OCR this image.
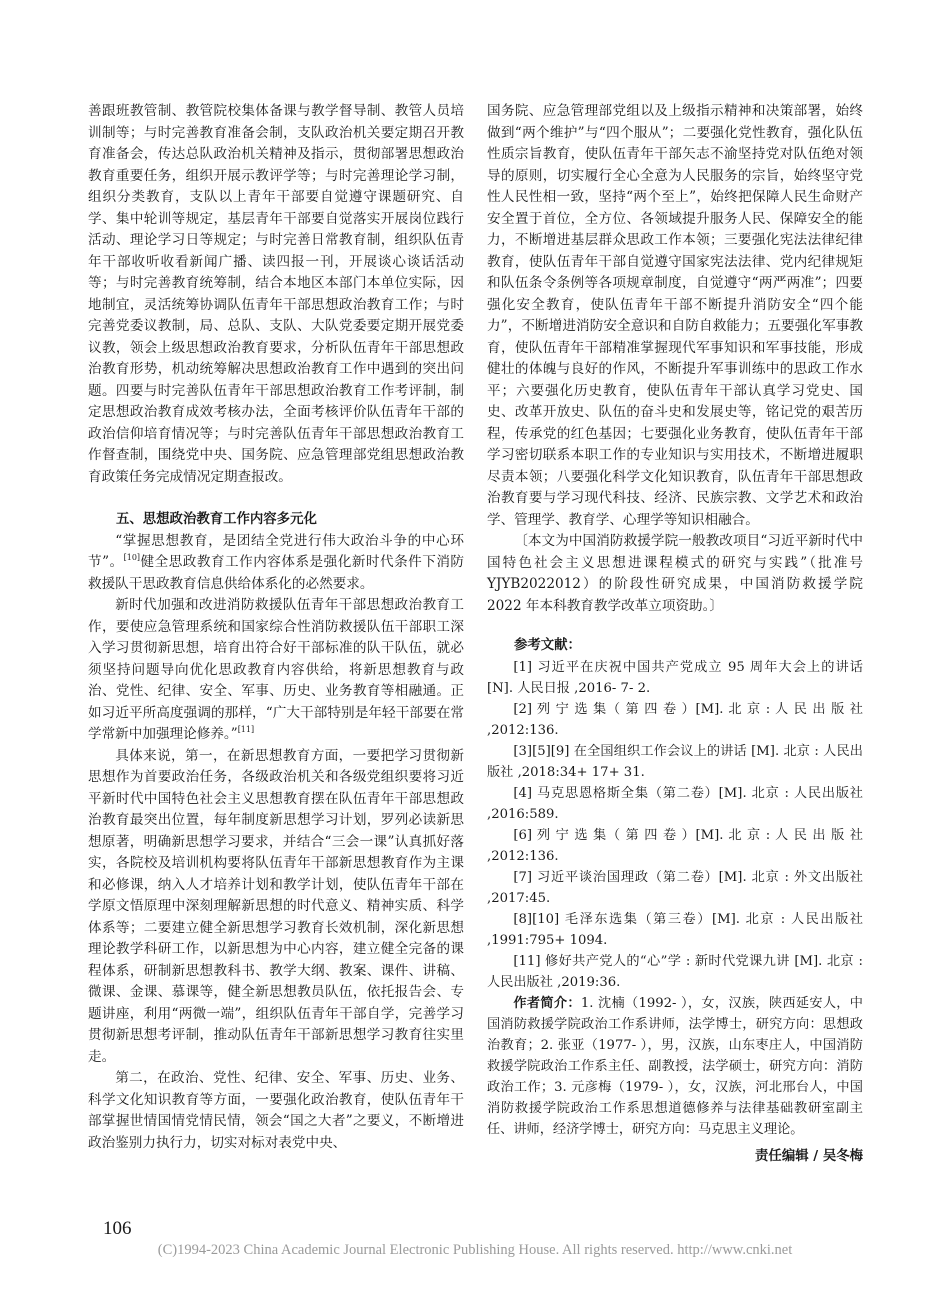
善跟班教管制、教管院校集体备课与教学督导制、教管人员培训制等；与时完善教育准备会制，支队政治机关要定期召开教育准备会，传达总队政治机关精神及指示，贯彻部署思想政治教育重要任务，组织开展示教评学等；与时完善理论学习制，组织分类教育，支队以上青年干部要自觉遵守课题研究、自学、集中轮训等规定，基层青年干部要自觉落实开展岗位践行活动、理论学习日等规定；与时完善日常教育制，组织队伍青年干部收听收看新闻广播、读四报一刊，开展谈心谈话活动等；与时完善教育统筹制，结合本地区本部门本单位实际，因地制宜，灵活统筹协调队伍青年干部思想政治教育工作；与时完善党委议教制，局、总队、支队、大队党委要定期开展党委议教，领会上级思想政治教育要求，分析队伍青年干部思想政治教育形势，机动统筹解决思想政治教育工作中遇到的突出问题。四要与时完善队伍青年干部思想政治教育工作考评制，制定思想政治教育成效考核办法，全面考核评价队伍青年干部的政治信仰培育情况等；与时完善队伍青年干部思想政治教育工作督查制，围绕党中央、国务院、应急管理部党组思想政治教育政策任务完成情况定期查报改。

五、思想政治教育工作内容多元化

“掌握思想教育，是团结全党进行伟大政治斗争的中心环节”。[10]健全思政教育工作内容体系是强化新时代条件下消防救援队干思政教育信息供给体系化的必然要求。

新时代加强和改进消防救援队伍青年干部思想政治教育工作，要使应急管理系统和国家综合性消防救援队伍干部职工深入学习贯彻新思想，培育出符合好干部标准的队干队伍，就必须坚持问题导向优化思政教育内容供给，将新思想教育与政治、党性、纪律、安全、军事、历史、业务教育等相融通。正如习近平所高度强调的那样，“广大干部特别是年轻干部要在常学常新中加强理论修养。”[11]

具体来说，第一，在新思想教育方面，一要把学习贯彻新思想作为首要政治任务，各级政治机关和各级党组织要将习近平新时代中国特色社会主义思想教育摆在队伍青年干部思想政治教育最突出位置，每年制度新思想学习计划，罗列必读新思想原著，明确新思想学习要求，并结合“三会一课”认真抓好落实，各院校及培训机构要将队伍青年干部新思想教育作为主课和必修课，纳入人才培养计划和教学计划，使队伍青年干部在学原文悟原理中深刻理解新思想的时代意义、精神实质、科学体系等；二要建立健全新思想学习教育长效机制，深化新思想理论教学科研工作，以新思想为中心内容，建立健全完备的课程体系，研制新思想教科书、教学大纲、教案、课件、讲稿、微课、金课、慕课等，健全新思想教员队伍，依托报告会、专题讲座，利用“两微一端”，组织队伍青年干部自学，完善学习贯彻新思想考评制，推动队伍青年干部新思想学习教育往实里走。

第二，在政治、党性、纪律、安全、军事、历史、业务、科学文化知识教育等方面，一要强化政治教育，使队伍青年干部掌握世情国情党情民情，领会“国之大者”之要义，不断增进政治鉴别力执行力，切实对标对表党中央、

国务院、应急管理部党组以及上级指示精神和决策部署，始终做到“两个维护”与“四个服从”；二要强化党性教育，强化队伍性质宗旨教育，使队伍青年干部矢志不渝坚持党对队伍绝对领导的原则，切实履行全心全意为人民服务的宗旨，始终坚守党性人民性相一致，坚持“两个至上”，始终把保障人民生命财产安全置于首位，全方位、各领域提升服务人民、保障安全的能力，不断增进基层群众思政工作本领；三要强化宪法法律纪律教育，使队伍青年干部自觉遵守国家宪法法律、党内纪律规矩和队伍条令条例等各项规章制度，自觉遵守“两严两准”；四要强化安全教育，使队伍青年干部不断提升消防安全“四个能力”，不断增进消防安全意识和自防自救能力；五要强化军事教育，使队伍青年干部精准掌握现代军事知识和军事技能，形成健壮的体魄与良好的作风，不断提升军事训练中的思政工作水平；六要强化历史教育，使队伍青年干部认真学习党史、国史、改革开放史、队伍的奋斗史和发展史等，铭记党的艰苦历程，传承党的红色基因；七要强化业务教育，使队伍青年干部学习密切联系本职工作的专业知识与实用技术，不断增进履职尽责本领；八要强化科学文化知识教育，队伍青年干部思想政治教育要与学习现代科技、经济、民族宗教、文学艺术和政治学、管理学、教育学、心理学等知识相融合。

〔本文为中国消防救援学院一般教改项目“习近平新时代中国特色社会主义思想进课程模式的研究与实践”（批准号 YJYB2022012）的阶段性研究成果，中国消防救援学院 2022 年本科教育教学改革立项资助。〕

参考文献：

[1] 习近平在庆祝中国共产党成立 95 周年大会上的讲话 [N]. 人民日报 ,2016- 7- 2.

[2] 列 宁 选 集（ 第 四 卷 ）[M]. 北 京 : 人 民 出 版 社 ,2012:136.

[3][5][9] 在全国组织工作会议上的讲话 [M]. 北京 : 人民出版社 ,2018:34+ 17+ 31.

[4] 马克思恩格斯全集（第二卷）[M]. 北京 : 人民出版社 ,2016:589.

[6] 列 宁 选 集（ 第 四 卷 ）[M]. 北 京 : 人 民 出 版 社 ,2012:136.

[7] 习近平谈治国理政（第二卷）[M]. 北京 : 外文出版社 ,2017:45.

[8][10] 毛泽东选集（第三卷）[M]. 北京 : 人民出版社 ,1991:795+ 1094.

[11] 修好共产党人的“心”学 : 新时代党课九讲 [M]. 北京 : 人民出版社 ,2019:36.

作者简介：1. 沈楠（1992- ），女，汉族，陕西延安人，中国消防救援学院政治工作系讲师，法学博士，研究方向：思想政治教育；2. 张亚（1977- ），男，汉族，山东枣庄人，中国消防救援学院政治工作系主任、副教授，法学硕士，研究方向：消防政治工作；3. 元彦梅（1979- ），女，汉族，河北邢台人，中国消防救援学院政治工作系思想道德修养与法律基础教研室副主任、讲师，经济学博士，研究方向：马克思主义理论。

责任编辑 / 吴冬梅

106
(C)1994-2023 China Academic Journal Electronic Publishing House. All rights reserved. http://www.cnki.net
